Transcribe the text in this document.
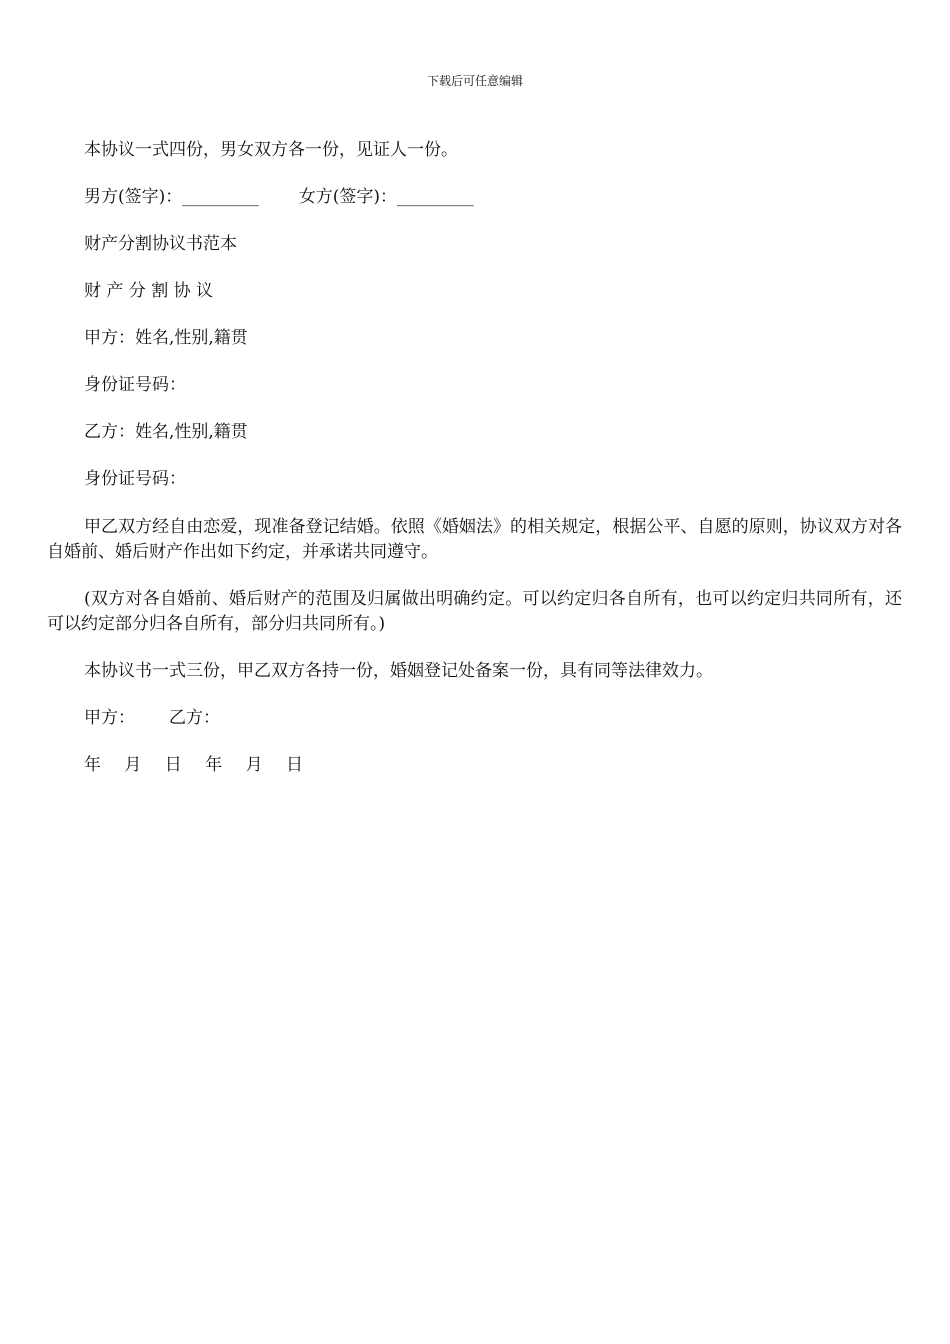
下载后可任意编辑
本协议一式四份，男女双方各一份，见证人一份。
男方(签字)：_________ 女方(签字)：_________
财产分割协议书范本
财 产 分 割 协 议
甲方：姓名,性别,籍贯
身份证号码：
乙方：姓名,性别,籍贯
身份证号码：
甲乙双方经自由恋爱，现准备登记结婚。依照《婚姻法》的相关规定，根据公平、自愿的原则，协议双方对各自婚前、婚后财产作出如下约定，并承诺共同遵守。
(双方对各自婚前、婚后财产的范围及归属做出明确约定。可以约定归各自所有，也可以约定归共同所有，还可以约定部分归各自所有，部分归共同所有。)
本协议书一式三份，甲乙双方各持一份，婚姻登记处备案一份，具有同等法律效力。
甲方： 乙方：
年 月 日 年 月 日
